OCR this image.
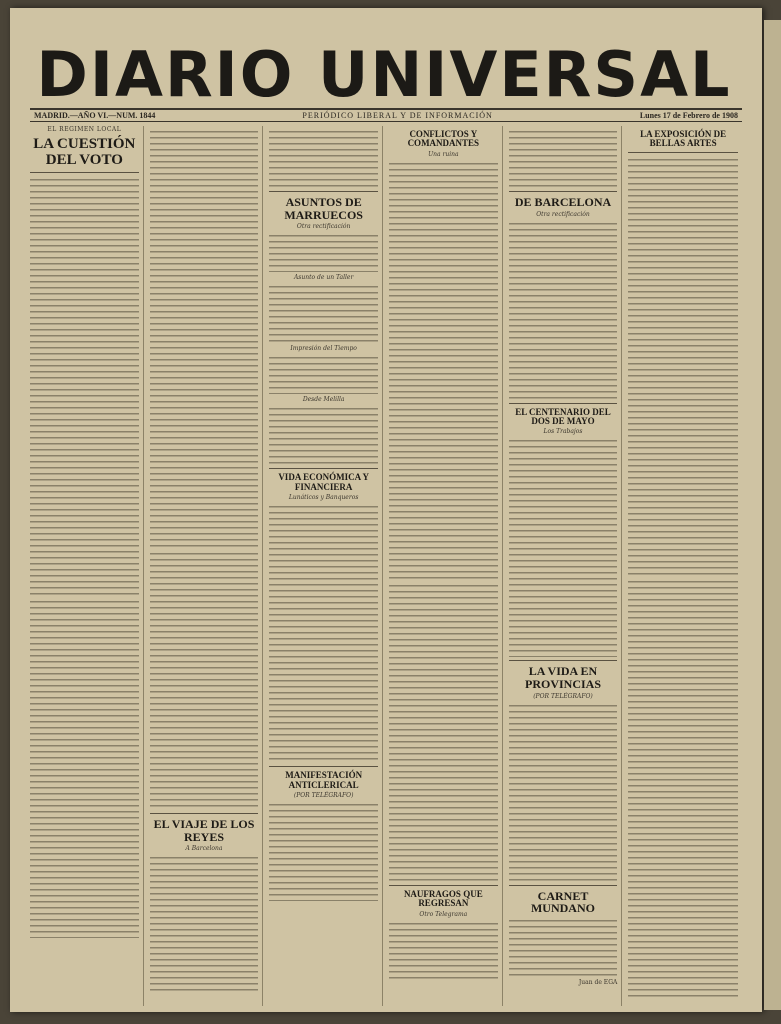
DIARIO UNIVERSAL
MADRID.—AÑO VI.—NUM. 1844	PERIÓDICO LIBERAL Y DE INFORMACIÓN	Lunes 17 de Febrero de 1908
EL RÉGIMEN LOCAL
LA CUESTIÓN DEL VOTO
EL VIAJE DE LOS REYES
A Barcelona
ASUNTOS DE MARRUECOS
Otra rectificación
Asunto de un Taller
Impresión del Tiempo
Desde Melilla
VIDA ECONÓMICA Y FINANCIERA
Lunáticos y Banqueros
MANIFESTACIÓN ANTICLERICAL
(POR TELÉGRAFO)
CONFLICTOS Y COMANDANTES
Una ruina
NAUFRAGOS QUE REGRESAN
Otro Telegrama
DE BARCELONA
Otra rectificación
EL CENTENARIO DEL DOS DE MAYO
Los Trabajos
LA VIDA EN PROVINCIAS
(POR TELÉGRAFO)
CARNET MUNDANO
Juan de EGA
LA EXPOSICIÓN DE BELLAS ARTES
